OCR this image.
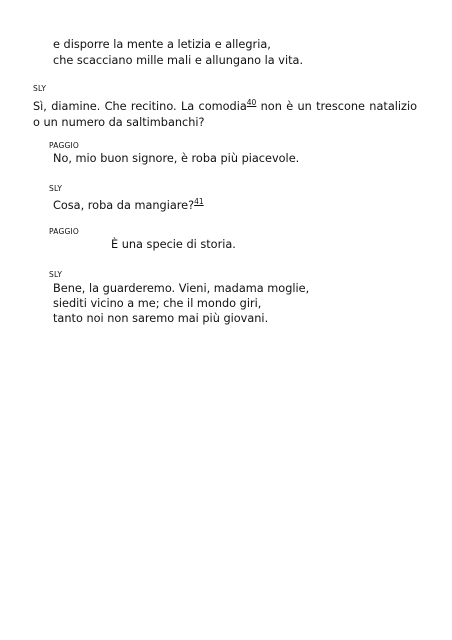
e disporre la mente a letizia e allegria,

che scacciano mille mali e allungano la vita.

SLY

Sì, diamine. Che recitino. La comodia$^{40}$ non è un trescone natalizio o un numero da saltimbanchi?

PAGGIO

No, mio buon signore, è roba più piacevole.

SLY

Cosa, roba da mangiare?$^{41}$

PAGGIO

È una specie di storia.

SLY

Bene, la guarderemo. Vieni, madama moglie,

siediti vicino a me; che il mondo giri,

tanto noi non saremo mai più giovani.
